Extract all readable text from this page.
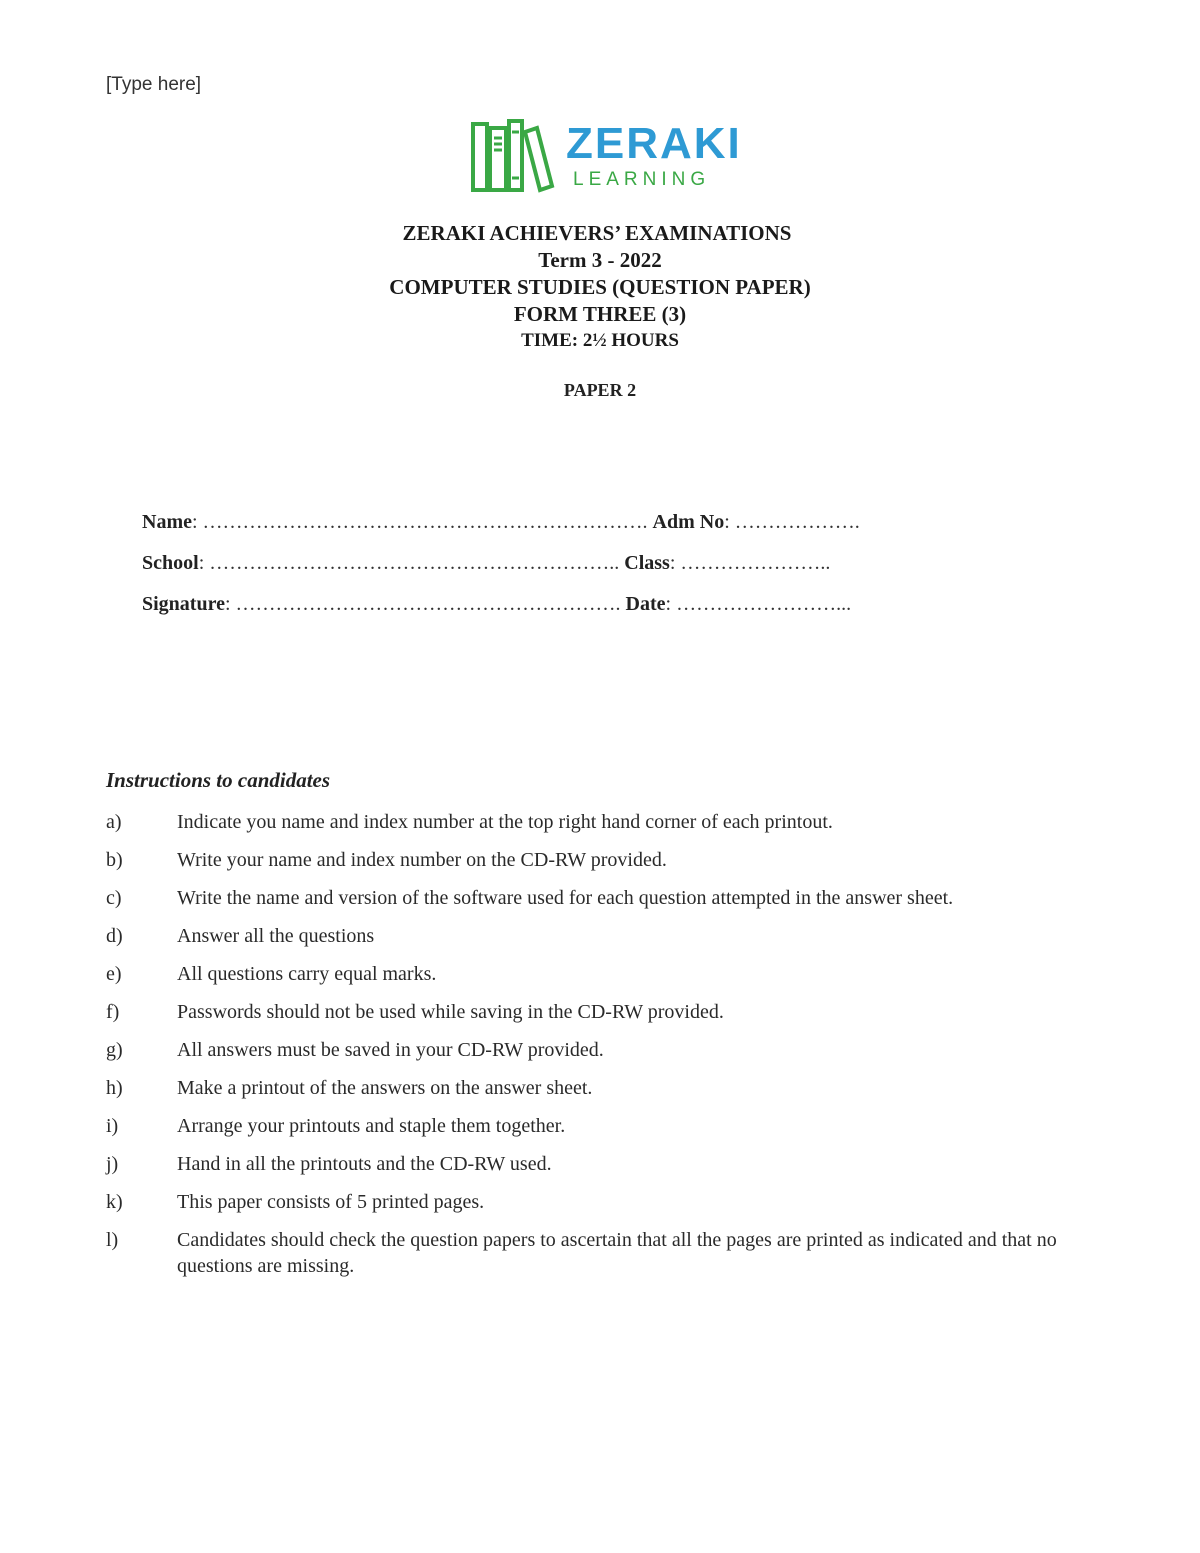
[Type here]
ZERAKI
LEARNING
ZERAKI ACHIEVERS’ EXAMINATIONS
Term 3 - 2022
COMPUTER STUDIES (QUESTION PAPER)
FORM THREE (3)
TIME: 2½ HOURS
PAPER 2
Name: …………………………………………………………. Adm No: ……………….
School: …………………………………………………….. Class: …………………..
Signature: …………………………………………………. Date: ……………………...
Instructions to candidates
a)	Indicate you name and index number at the top right hand corner of each printout.
b)	Write your name and index number on the CD-RW provided.
c)	Write the name and version of the software used for each question attempted in the answer sheet.
d)	Answer all the questions
e)	All questions carry equal marks.
f)	Passwords should not be used while saving in the CD-RW provided.
g)	All answers must be saved in your CD-RW provided.
h)	Make a printout of the answers on the answer sheet.
i)	Arrange your printouts and staple them together.
j)	Hand in all the printouts and the CD-RW used.
k)	This paper consists of 5 printed pages.
l)	Candidates should check the question papers to ascertain that all the pages are printed as indicated and that no questions are missing.
